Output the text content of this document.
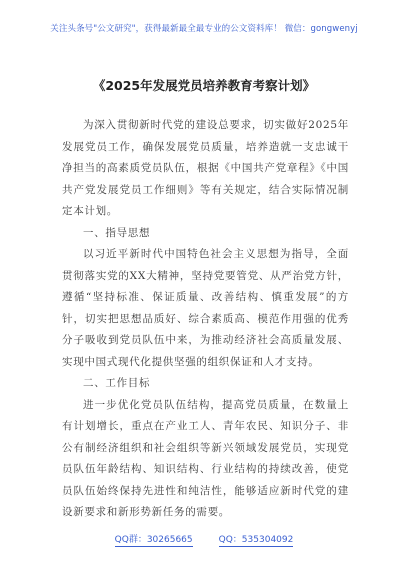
关注头条号"公文研究"，获得最新最全最专业的公文资料库！ 微信：gongwenyj
《2025年发展党员培养教育考察计划》

为深入贯彻新时代党的建设总要求，切实做好2025年发展党员工作，确保发展党员质量，培养造就一支忠诚干净担当的高素质党员队伍，根据《中国共产党章程》《中国共产党发展党员工作细则》等有关规定，结合实际情况制定本计划。

一、指导思想

以习近平新时代中国特色社会主义思想为指导，全面贯彻落实党的XX大精神，坚持党要管党、从严治党方针，遵循“坚持标准、保证质量、改善结构、慎重发展”的方针，切实把思想品质好、综合素质高、模范作用强的优秀分子吸收到党员队伍中来，为推动经济社会高质量发展、实现中国式现代化提供坚强的组织保证和人才支持。

二、工作目标

进一步优化党员队伍结构，提高党员质量，在数量上有计划增长，重点在产业工人、青年农民、知识分子、非公有制经济组织和社会组织等新兴领域发展党员，实现党员队伍年龄结构、知识结构、行业结构的持续改善，使党员队伍始终保持先进性和纯洁性，能够适应新时代党的建设新要求和新形势新任务的需要。

QQ群：30265665	QQ：535304092
